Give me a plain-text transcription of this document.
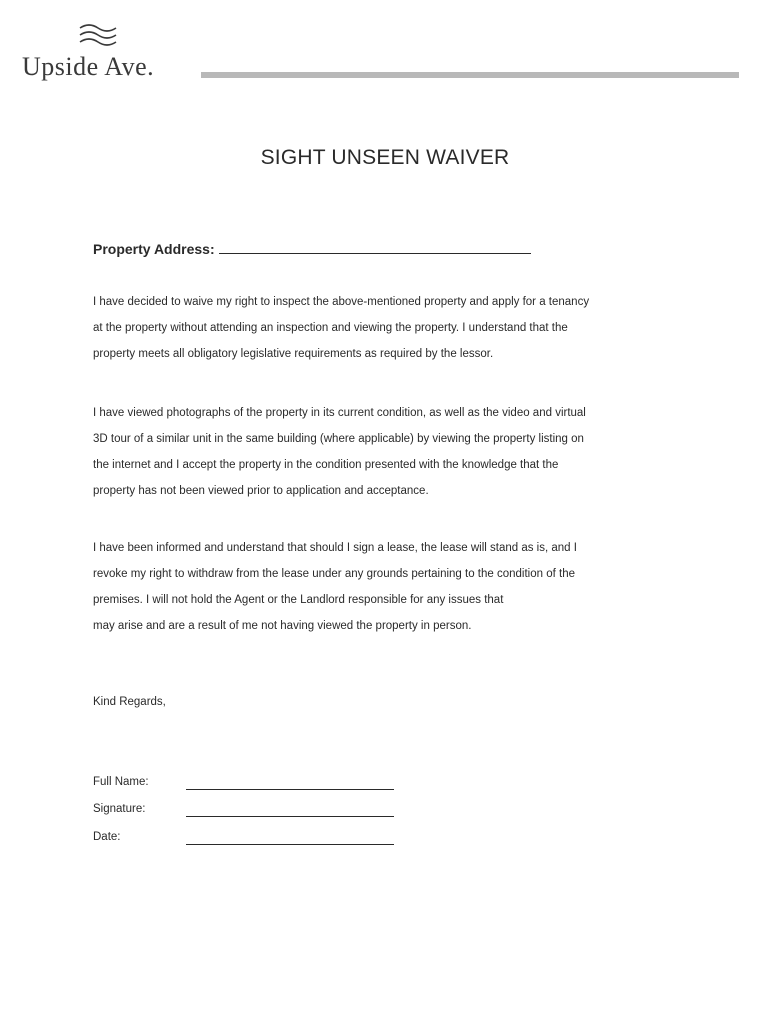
Upside Ave.
SIGHT UNSEEN WAIVER
Property Address:
I have decided to waive my right to inspect the above-mentioned property and apply for a tenancy
at the property without attending an inspection and viewing the property. I understand that the
property meets all obligatory legislative requirements as required by the lessor.
I have viewed photographs of the property in its current condition, as well as the video and virtual
3D tour of a similar unit in the same building (where applicable) by viewing the property listing on
the internet and I accept the property in the condition presented with the knowledge that the
property has not been viewed prior to application and acceptance.
I have been informed and understand that should I sign a lease, the lease will stand as is, and I
revoke my right to withdraw from the lease under any grounds pertaining to the condition of the
premises. I will not hold the Agent or the Landlord responsible for any issues that
may arise and are a result of me not having viewed the property in person.
Kind Regards,
Full Name:
Signature:
Date:
